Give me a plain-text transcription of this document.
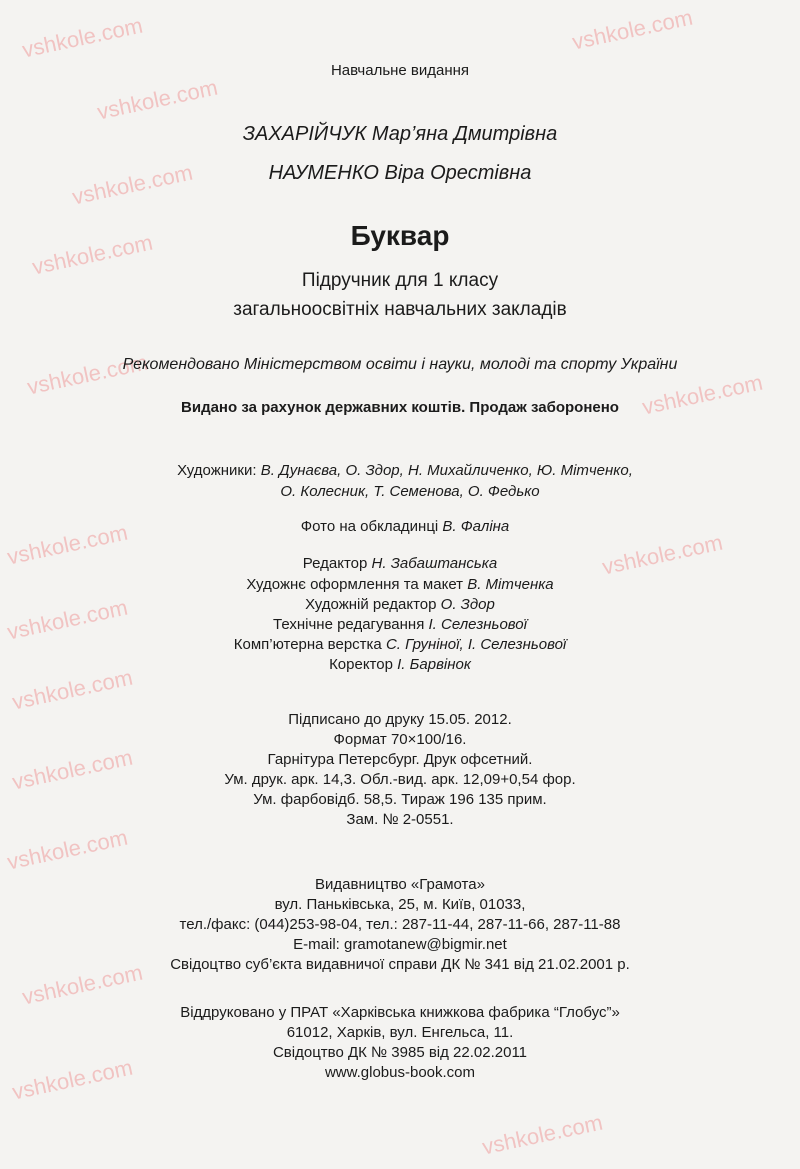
vshkole.com	vshkole.com
vshkole.com
vshkole.com
vshkole.com
vshkole.com	vshkole.com
vshkole.com	vshkole.com
vshkole.com
vshkole.com
vshkole.com
vshkole.com
vshkole.com
vshkole.com
vshkole.com
Навчальне видання
ЗАХАРІЙЧУК Мар’яна Дмитрівна
НАУМЕНКО Віра Орестівна
Буквар
Підручник для 1 класу
загальноосвітніх навчальних закладів
Рекомендовано Міністерством освіти і науки, молоді та спорту України
Видано за рахунок державних коштів. Продаж заборонено
Художники: В. Дунаєва, О. Здор, Н. Михайличенко, Ю. Мітченко,
О. Колесник, Т. Семенова, О. Федько
Фото на обкладинці В. Фаліна
Редактор Н. Забаштанська
Художнє оформлення та макет В. Мітченка
Художній редактор О. Здор
Технічне редагування І. Селезньової
Комп’ютерна верстка С. Груніної, І. Селезньової
Коректор І. Барвінок
Підписано до друку 15.05. 2012.
Формат 70×100/16.
Гарнітура Петерсбург. Друк офсетний.
Ум. друк. арк. 14,3. Обл.-вид. арк. 12,09+0,54 фор.
Ум. фарбовідб. 58,5. Тираж 196 135 прим.
Зам. № 2-0551.
Видавництво «Грамота»
вул. Паньківська, 25, м. Київ, 01033,
тел./факс: (044)253-98-04, тел.: 287-11-44, 287-11-66, 287-11-88
E-mail: gramotanew@bigmir.net
Свідоцтво суб’єкта видавничої справи ДК № 341 від 21.02.2001 р.
Віддруковано у ПРАТ «Харківська книжкова фабрика “Глобус”»
61012, Харків, вул. Енгельса, 11.
Свідоцтво ДК № 3985 від 22.02.2011
www.globus-book.com
